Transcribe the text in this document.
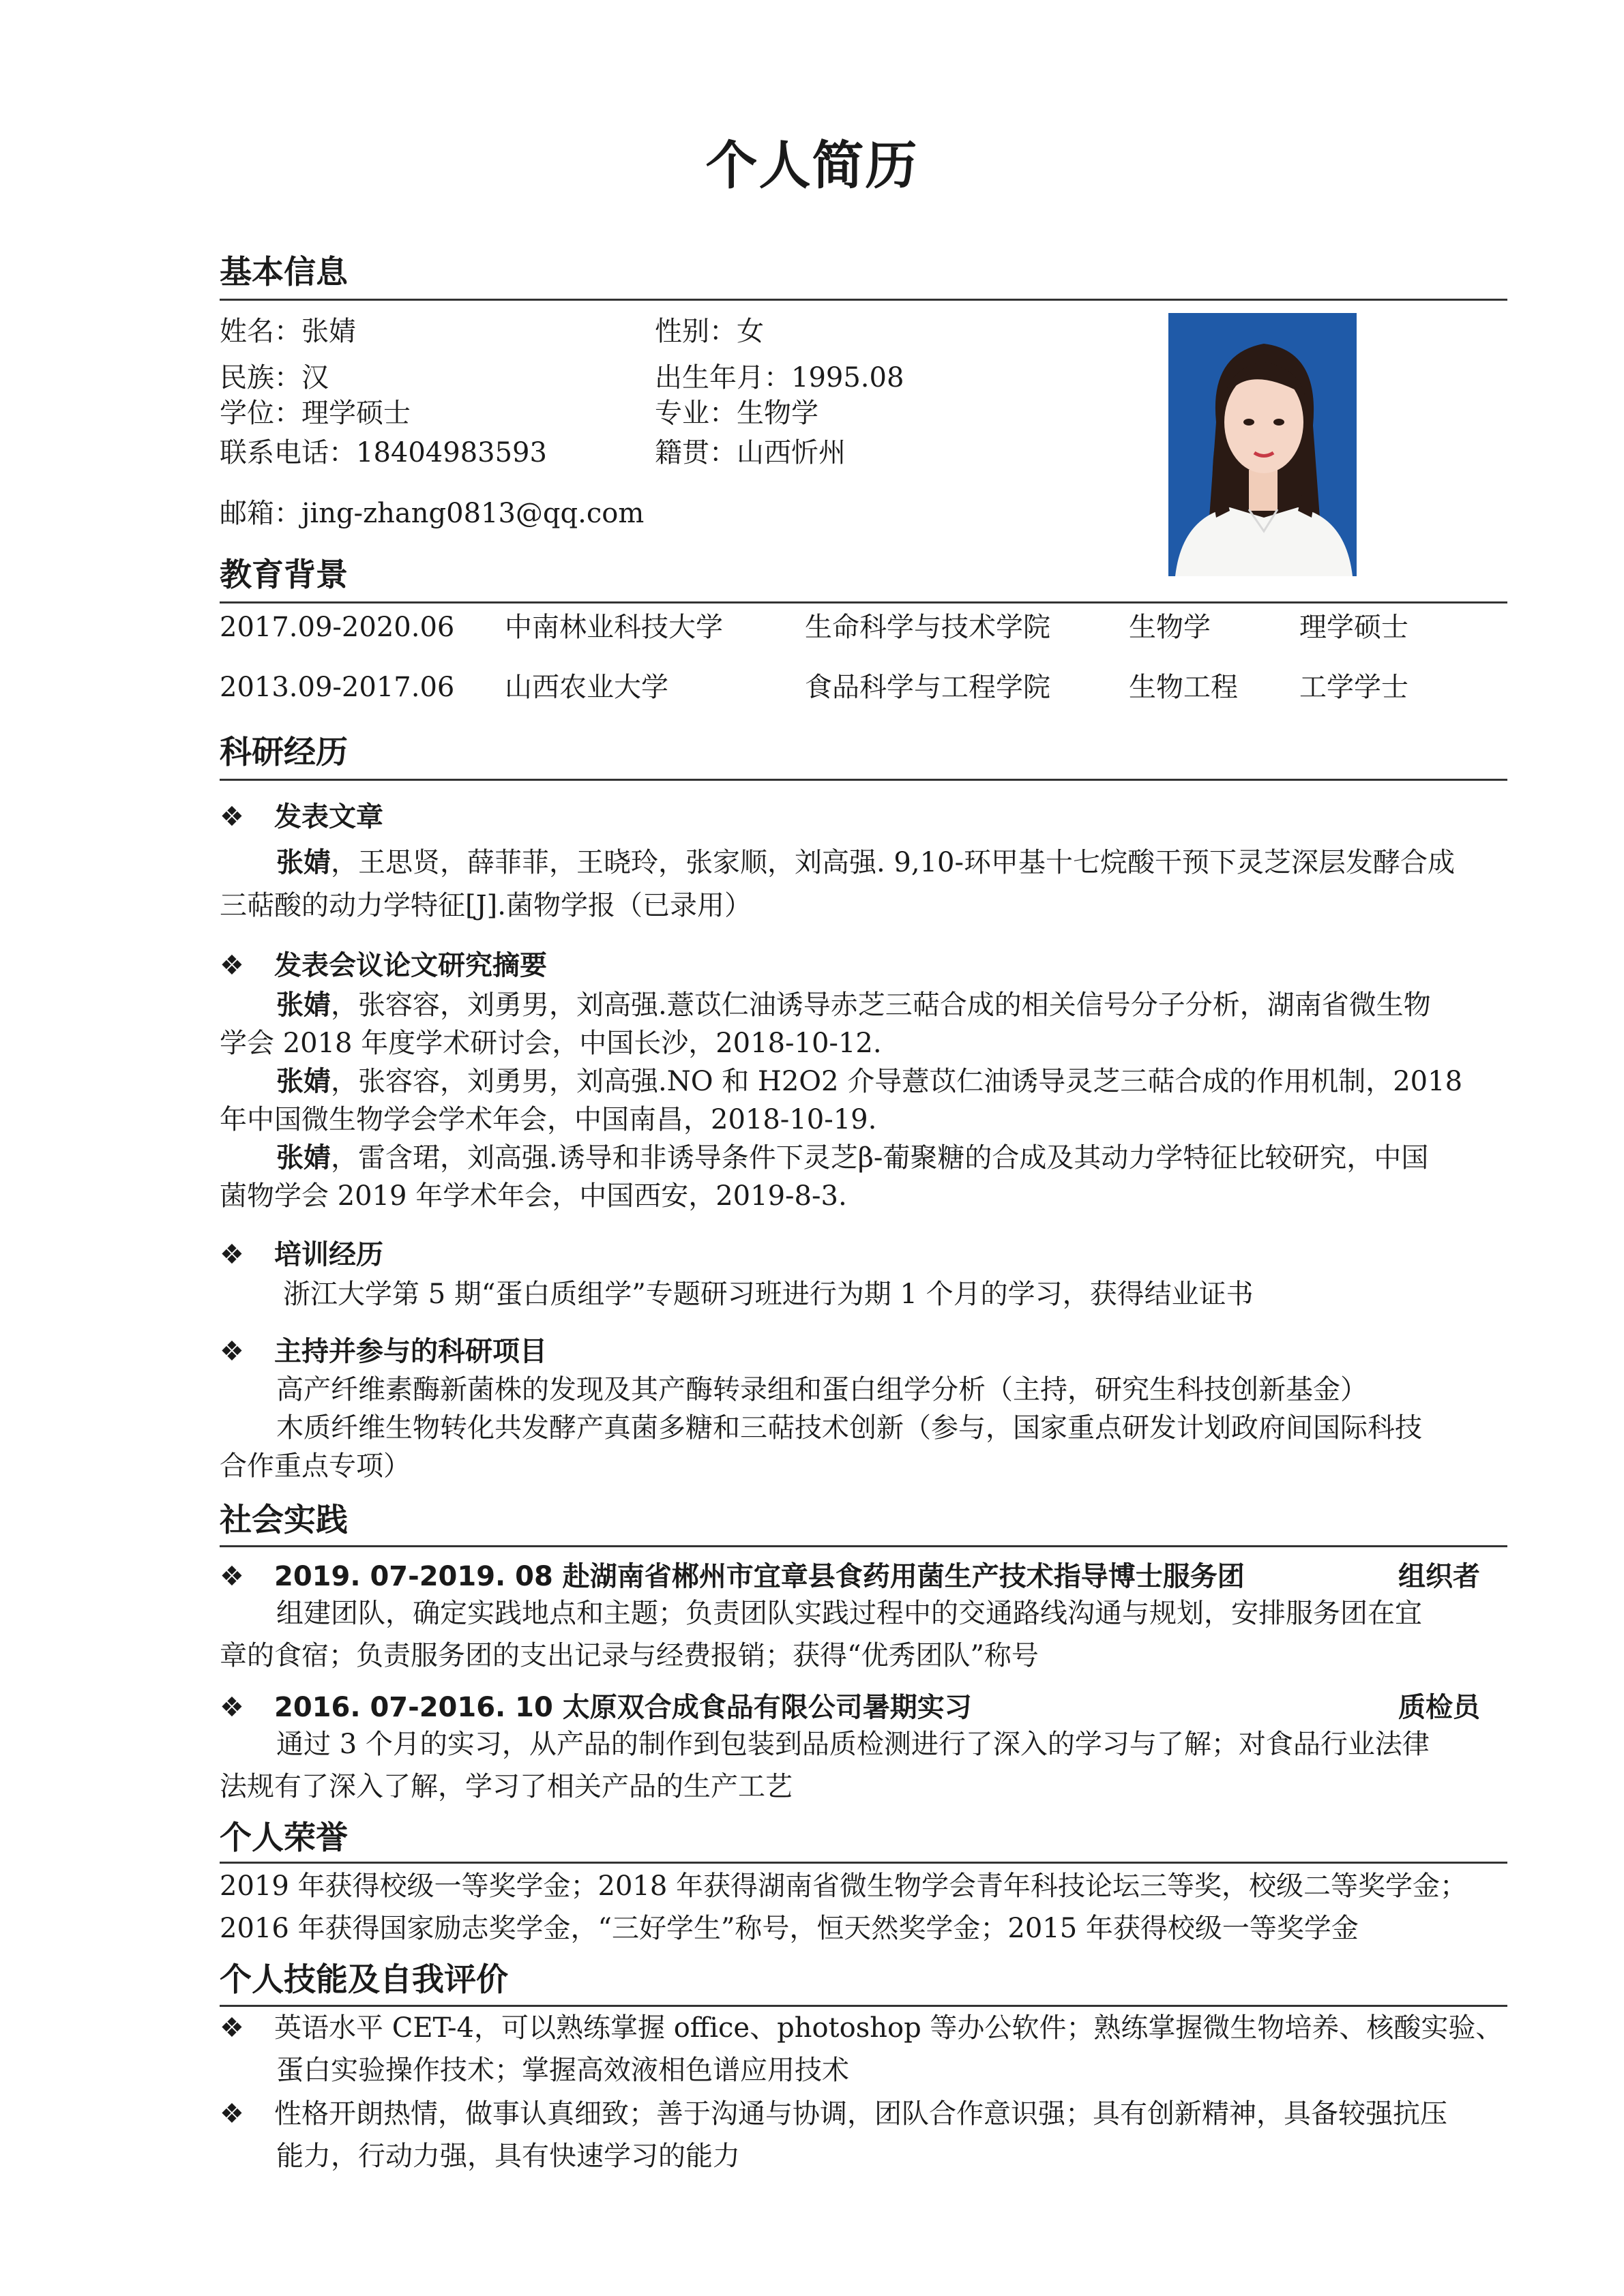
个人简历
基本信息
姓名：张婧	性别：女
民族：汉	出生年月：1995.08
学位：理学硕士	专业：生物学
联系电话：18404983593	籍贯：山西忻州
邮箱：jing-zhang0813@qq.com
教育背景
2017.09-2020.06 中南林业科技大学	生命科学与技术学院	生物学	理学硕士
2013.09-2017.06 山西农业大学	食品科学与工程学院	生物工程 工学学士
科研经历
❖ 发表文章
张婧，王思贤，薛菲菲，王晓玲，张家顺，刘高强. 9,10-环甲基十七烷酸干预下灵芝深层发酵合成
三萜酸的动力学特征[J].菌物学报（已录用）
❖ 发表会议论文研究摘要
张婧，张容容，刘勇男，刘高强.薏苡仁油诱导赤芝三萜合成的相关信号分子分析，湖南省微生物
学会 2018 年度学术研讨会，中国长沙，2018-10-12.
张婧，张容容，刘勇男，刘高强.NO 和 H2O2 介导薏苡仁油诱导灵芝三萜合成的作用机制，2018
年中国微生物学会学术年会，中国南昌，2018-10-19.
张婧，雷含珺，刘高强.诱导和非诱导条件下灵芝β-葡聚糖的合成及其动力学特征比较研究，中国
菌物学会 2019 年学术年会，中国西安，2019-8-3.
❖ 培训经历
浙江大学第 5 期“蛋白质组学”专题研习班进行为期 1 个月的学习，获得结业证书
❖ 主持并参与的科研项目
高产纤维素酶新菌株的发现及其产酶转录组和蛋白组学分析（主持，研究生科技创新基金）
木质纤维生物转化共发酵产真菌多糖和三萜技术创新（参与，国家重点研发计划政府间国际科技
合作重点专项）
社会实践
❖ 2019. 07-2019. 08 赴湖南省郴州市宜章县食药用菌生产技术指导博士服务团	组织者
组建团队，确定实践地点和主题；负责团队实践过程中的交通路线沟通与规划，安排服务团在宜
章的食宿；负责服务团的支出记录与经费报销；获得“优秀团队”称号
❖ 2016. 07-2016. 10 太原双合成食品有限公司暑期实习	质检员
通过 3 个月的实习，从产品的制作到包装到品质检测进行了深入的学习与了解；对食品行业法律
法规有了深入了解，学习了相关产品的生产工艺
个人荣誉
2019 年获得校级一等奖学金；2018 年获得湖南省微生物学会青年科技论坛三等奖，校级二等奖学金；
2016 年获得国家励志奖学金，“三好学生”称号，恒天然奖学金；2015 年获得校级一等奖学金
个人技能及自我评价
❖ 英语水平 CET-4，可以熟练掌握 office、photoshop 等办公软件；熟练掌握微生物培养、核酸实验、
蛋白实验操作技术；掌握高效液相色谱应用技术
❖ 性格开朗热情，做事认真细致；善于沟通与协调，团队合作意识强；具有创新精神，具备较强抗压
能力，行动力强，具有快速学习的能力
